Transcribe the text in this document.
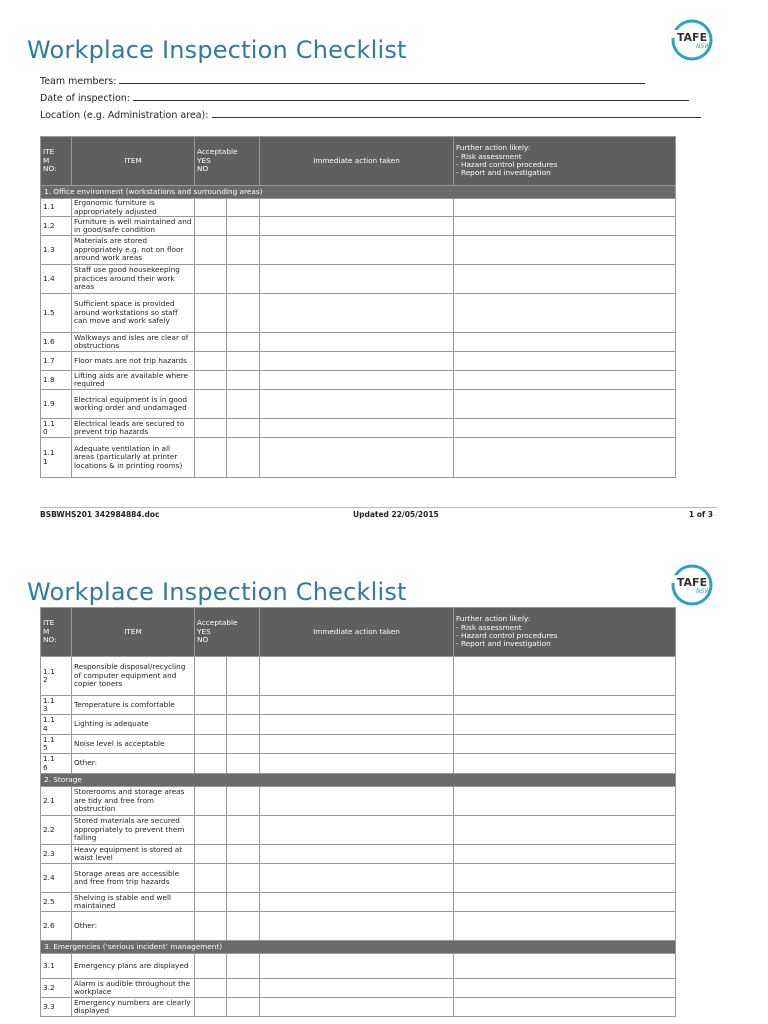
Workplace Inspection Checklist	TAFE
NSW
Team members:
Date of inspection:
Location (e.g. Administration area):
ITE
M
NO:	ITEM	Acceptable
YES
NO		Immediate action taken	Further action likely:
- Risk assessment
- Hazard control procedures
- Report and investigation
1. Office environment (workstations and surrounding areas)					
1.1	Ergonomic furniture is appropriately adjusted				
1.2	Furniture is well maintained and in good/safe condition				
1.3	Materials are stored appropriately e.g. not on floor around work areas				
1.4	Staff use good housekeeping practices around their work areas				
1.5	Sufficient space is provided around workstations so staff can move and work safely				
1.6	Walkways and isles are clear of obstructions				
1.7	Floor mats are not trip hazards				
1.8	Lifting aids are available where required				
1.9	Electrical equipment is in good working order and undamaged				
1.1
0	Electrical leads are secured to prevent trip hazards				
1.1
1	Adequate ventilation in all areas (particularly at printer locations & in printing rooms)				
BSBWHS201 342984884.doc	Updated 22/05/2015	1 of 3
Workplace Inspection Checklist	TAFE
NSW
ITE
M
NO:	ITEM	Acceptable
YES
NO		Immediate action taken	Further action likely:
- Risk assessment
- Hazard control procedures
- Report and investigation
1.1
2	Responsible disposal/recycling of computer equipment and copier toners				
1.1
3	Temperature is comfortable				
1.1
4	Lighting is adequate				
1.1
5	Noise level is acceptable				
1.1
6	Other:				
2. Storage					
2.1	Storerooms and storage areas are tidy and free from obstruction				
2.2	Stored materials are secured appropriately to prevent them falling				
2.3	Heavy equipment is stored at waist level				
2.4	Storage areas are accessible and free from trip hazards				
2.5	Shelving is stable and well maintained				
2.6	Other:				
3. Emergencies (‘serious incident’ management)					
3.1	Emergency plans are displayed				
3.2	Alarm is audible throughout the workplace				
3.3	Emergency numbers are clearly displayed				
